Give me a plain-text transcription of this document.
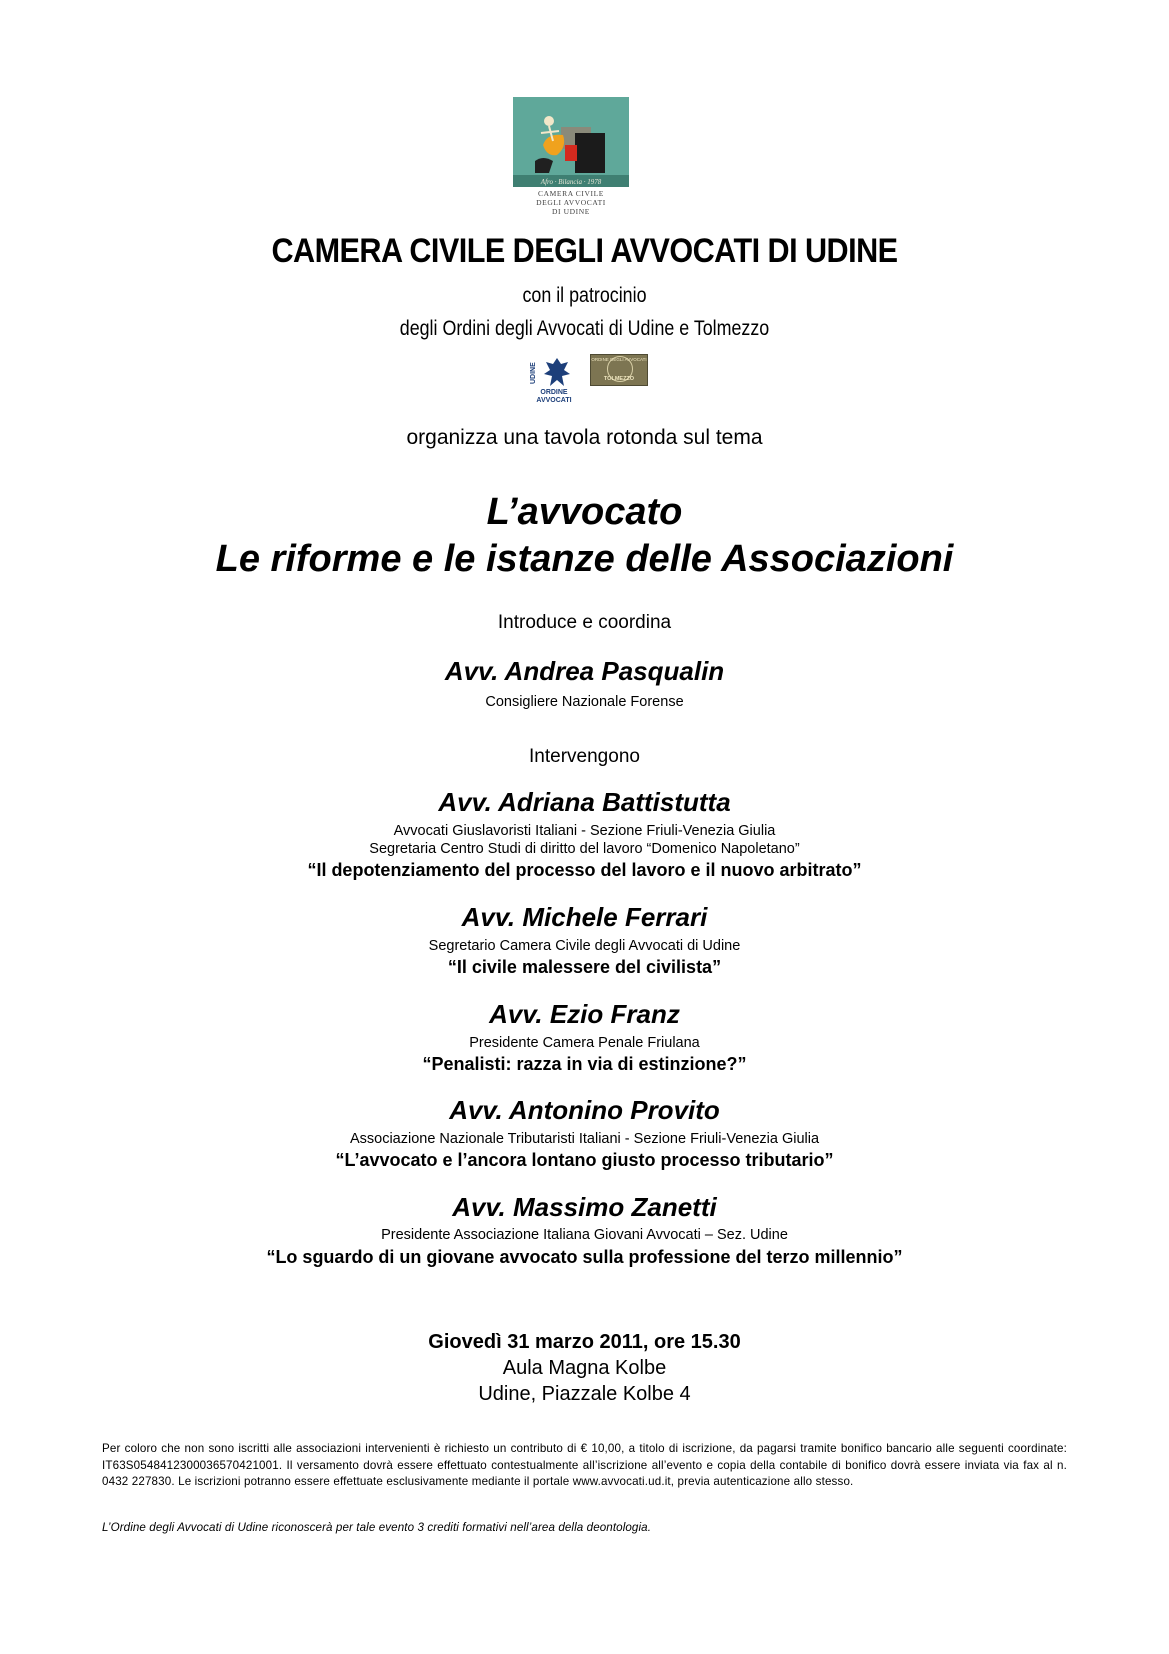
Afro · Bilancia · 1978
CAMERA CIVILE
DEGLI AVVOCATI
DI UDINE
CAMERA CIVILE DEGLI AVVOCATI DI UDINE
con il patrocinio
degli Ordini degli Avvocati di Udine e Tolmezzo
UDINE
ORDINE
AVVOCATI
ORDINE DEGLI AVVOCATI
TOLMEZZO
organizza una tavola rotonda sul tema
L’avvocato
Le riforme e le istanze delle Associazioni
Introduce e coordina
Avv. Andrea Pasqualin
Consigliere Nazionale Forense
Intervengono
Avv. Adriana Battistutta
Avvocati Giuslavoristi Italiani - Sezione Friuli-Venezia Giulia
Segretaria Centro Studi di diritto del lavoro “Domenico Napoletano”
“Il depotenziamento del processo del lavoro e il nuovo arbitrato”
Avv. Michele Ferrari
Segretario Camera Civile degli Avvocati di Udine
“Il civile malessere del civilista”
Avv. Ezio Franz
Presidente Camera Penale Friulana
“Penalisti: razza in via di estinzione?”
Avv. Antonino Provito
Associazione Nazionale Tributaristi Italiani - Sezione Friuli-Venezia Giulia
“L’avvocato e l’ancora lontano giusto processo tributario”
Avv. Massimo Zanetti
Presidente Associazione Italiana Giovani Avvocati – Sez. Udine
“Lo sguardo di un giovane avvocato sulla professione del terzo millennio”
Giovedì 31 marzo 2011, ore 15.30
Aula Magna Kolbe
Udine, Piazzale Kolbe 4
Per coloro che non sono iscritti alle associazioni intervenienti è richiesto un contributo di € 10,00, a titolo di iscrizione, da pagarsi tramite bonifico bancario alle seguenti coordinate: IT63S0548412300036570421001. Il versamento dovrà essere effettuato contestualmente all’iscrizione all’evento e copia della contabile di bonifico dovrà essere inviata via fax al n. 0432 227830. Le iscrizioni potranno essere effettuate esclusivamente mediante il portale www.avvocati.ud.it, previa autenticazione allo stesso.
L’Ordine degli Avvocati di Udine riconoscerà per tale evento 3 crediti formativi nell’area della deontologia.
